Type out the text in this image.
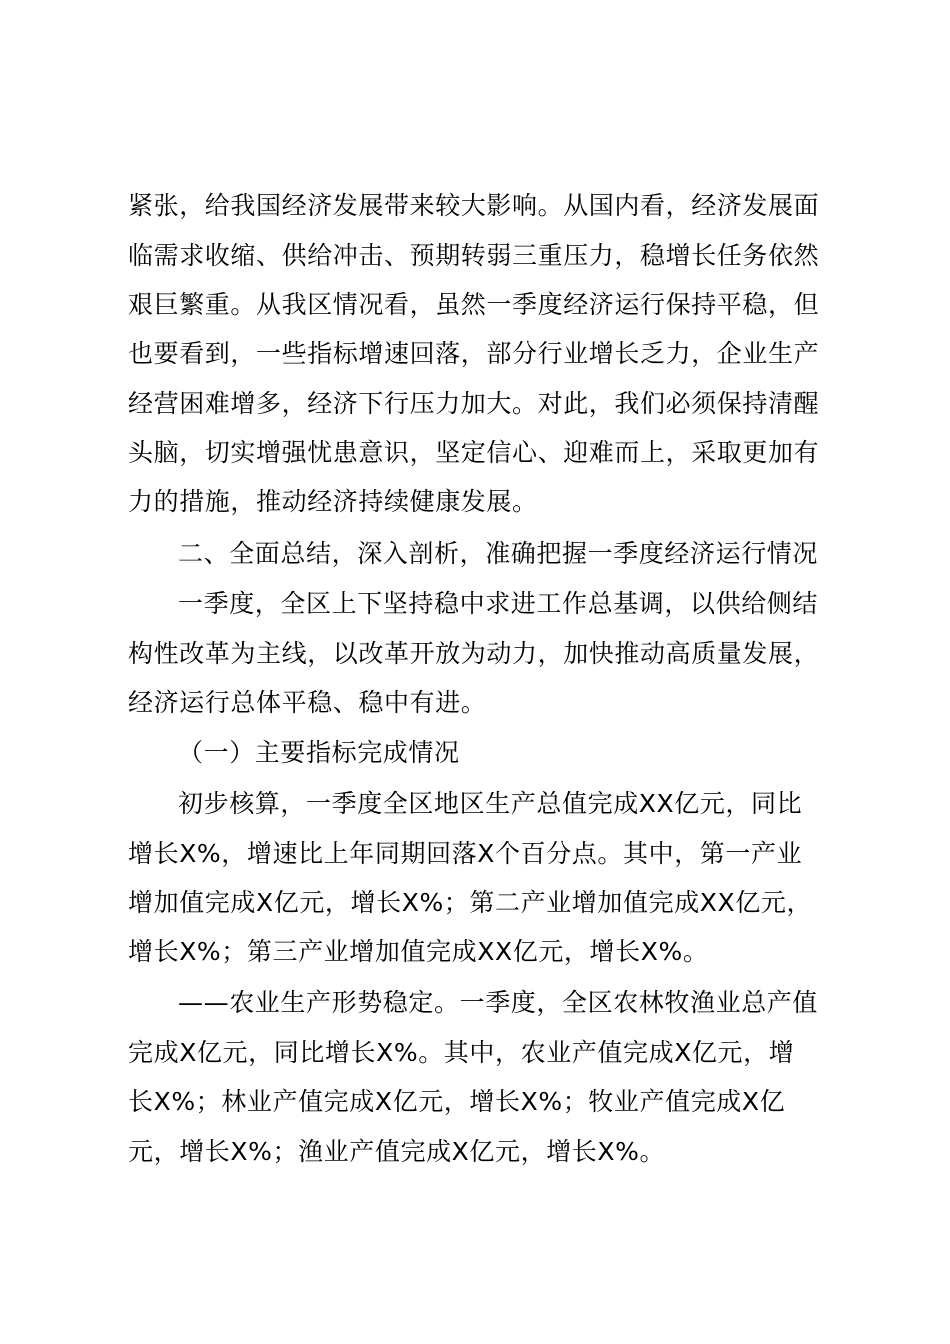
紧张，给我国经济发展带来较大影响。从国内看，经济发展面
临需求收缩、供给冲击、预期转弱三重压力，稳增长任务依然
艰巨繁重。从我区情况看，虽然一季度经济运行保持平稳，但
也要看到，一些指标增速回落，部分行业增长乏力，企业生产
经营困难增多，经济下行压力加大。对此，我们必须保持清醒
头脑，切实增强忧患意识，坚定信心、迎难而上，采取更加有
力的措施，推动经济持续健康发展。
二、全面总结，深入剖析，准确把握一季度经济运行情况
一季度，全区上下坚持稳中求进工作总基调，以供给侧结
构性改革为主线，以改革开放为动力，加快推动高质量发展，
经济运行总体平稳、稳中有进。
（一）主要指标完成情况
初步核算，一季度全区地区生产总值完成XX亿元，同比
增长X%，增速比上年同期回落X个百分点。其中，第一产业
增加值完成X亿元，增长X%；第二产业增加值完成XX亿元，
增长X%；第三产业增加值完成XX亿元，增长X%。
——农业生产形势稳定。一季度，全区农林牧渔业总产值
完成X亿元，同比增长X%。其中，农业产值完成X亿元，增
长X%；林业产值完成X亿元，增长X%；牧业产值完成X亿
元，增长X%；渔业产值完成X亿元，增长X%。
